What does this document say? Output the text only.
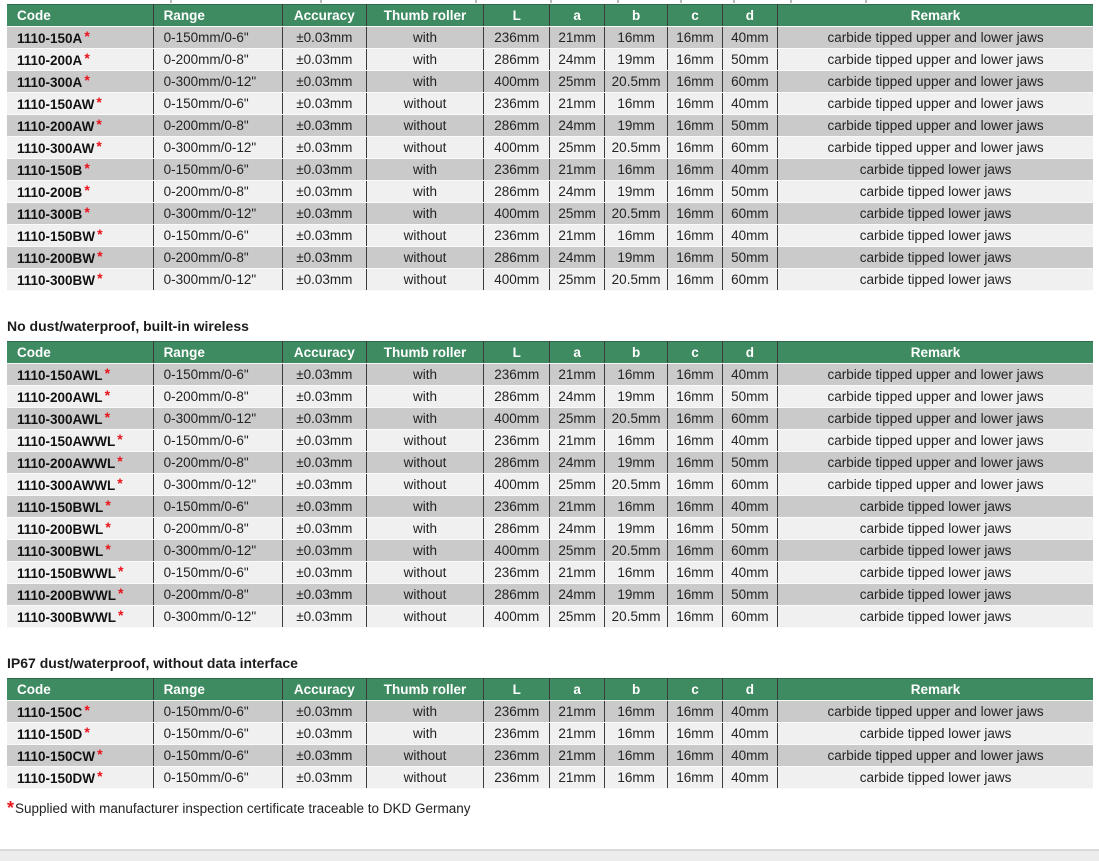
Code	Range	Accuracy	Thumb roller	L	a	b	c	d	Remark
1110-150A *	0-150mm/0-6"	±0.03mm	with	236mm	21mm	16mm	16mm	40mm	carbide tipped upper and lower jaws
1110-200A *	0-200mm/0-8"	±0.03mm	with	286mm	24mm	19mm	16mm	50mm	carbide tipped upper and lower jaws
1110-300A *	0-300mm/0-12"	±0.03mm	with	400mm	25mm	20.5mm	16mm	60mm	carbide tipped upper and lower jaws
1110-150AW *	0-150mm/0-6"	±0.03mm	without	236mm	21mm	16mm	16mm	40mm	carbide tipped upper and lower jaws
1110-200AW *	0-200mm/0-8"	±0.03mm	without	286mm	24mm	19mm	16mm	50mm	carbide tipped upper and lower jaws
1110-300AW *	0-300mm/0-12"	±0.03mm	without	400mm	25mm	20.5mm	16mm	60mm	carbide tipped upper and lower jaws
1110-150B *	0-150mm/0-6"	±0.03mm	with	236mm	21mm	16mm	16mm	40mm	carbide tipped lower jaws
1110-200B *	0-200mm/0-8"	±0.03mm	with	286mm	24mm	19mm	16mm	50mm	carbide tipped lower jaws
1110-300B *	0-300mm/0-12"	±0.03mm	with	400mm	25mm	20.5mm	16mm	60mm	carbide tipped lower jaws
1110-150BW *	0-150mm/0-6"	±0.03mm	without	236mm	21mm	16mm	16mm	40mm	carbide tipped lower jaws
1110-200BW *	0-200mm/0-8"	±0.03mm	without	286mm	24mm	19mm	16mm	50mm	carbide tipped lower jaws
1110-300BW *	0-300mm/0-12"	±0.03mm	without	400mm	25mm	20.5mm	16mm	60mm	carbide tipped lower jaws
No dust/waterproof, built-in wireless
Code	Range	Accuracy	Thumb roller	L	a	b	c	d	Remark
1110-150AWL *	0-150mm/0-6"	±0.03mm	with	236mm	21mm	16mm	16mm	40mm	carbide tipped upper and lower jaws
1110-200AWL *	0-200mm/0-8"	±0.03mm	with	286mm	24mm	19mm	16mm	50mm	carbide tipped upper and lower jaws
1110-300AWL *	0-300mm/0-12"	±0.03mm	with	400mm	25mm	20.5mm	16mm	60mm	carbide tipped upper and lower jaws
1110-150AWWL *	0-150mm/0-6"	±0.03mm	without	236mm	21mm	16mm	16mm	40mm	carbide tipped upper and lower jaws
1110-200AWWL *	0-200mm/0-8"	±0.03mm	without	286mm	24mm	19mm	16mm	50mm	carbide tipped upper and lower jaws
1110-300AWWL *	0-300mm/0-12"	±0.03mm	without	400mm	25mm	20.5mm	16mm	60mm	carbide tipped upper and lower jaws
1110-150BWL *	0-150mm/0-6"	±0.03mm	with	236mm	21mm	16mm	16mm	40mm	carbide tipped lower jaws
1110-200BWL *	0-200mm/0-8"	±0.03mm	with	286mm	24mm	19mm	16mm	50mm	carbide tipped lower jaws
1110-300BWL *	0-300mm/0-12"	±0.03mm	with	400mm	25mm	20.5mm	16mm	60mm	carbide tipped lower jaws
1110-150BWWL *	0-150mm/0-6"	±0.03mm	without	236mm	21mm	16mm	16mm	40mm	carbide tipped lower jaws
1110-200BWWL *	0-200mm/0-8"	±0.03mm	without	286mm	24mm	19mm	16mm	50mm	carbide tipped lower jaws
1110-300BWWL *	0-300mm/0-12"	±0.03mm	without	400mm	25mm	20.5mm	16mm	60mm	carbide tipped lower jaws
IP67 dust/waterproof, without data interface
Code	Range	Accuracy	Thumb roller	L	a	b	c	d	Remark
1110-150C *	0-150mm/0-6"	±0.03mm	with	236mm	21mm	16mm	16mm	40mm	carbide tipped upper and lower jaws
1110-150D *	0-150mm/0-6"	±0.03mm	with	236mm	21mm	16mm	16mm	40mm	carbide tipped lower jaws
1110-150CW *	0-150mm/0-6"	±0.03mm	without	236mm	21mm	16mm	16mm	40mm	carbide tipped upper and lower jaws
1110-150DW *	0-150mm/0-6"	±0.03mm	without	236mm	21mm	16mm	16mm	40mm	carbide tipped lower jaws

*Supplied with manufacturer inspection certificate traceable to DKD Germany
